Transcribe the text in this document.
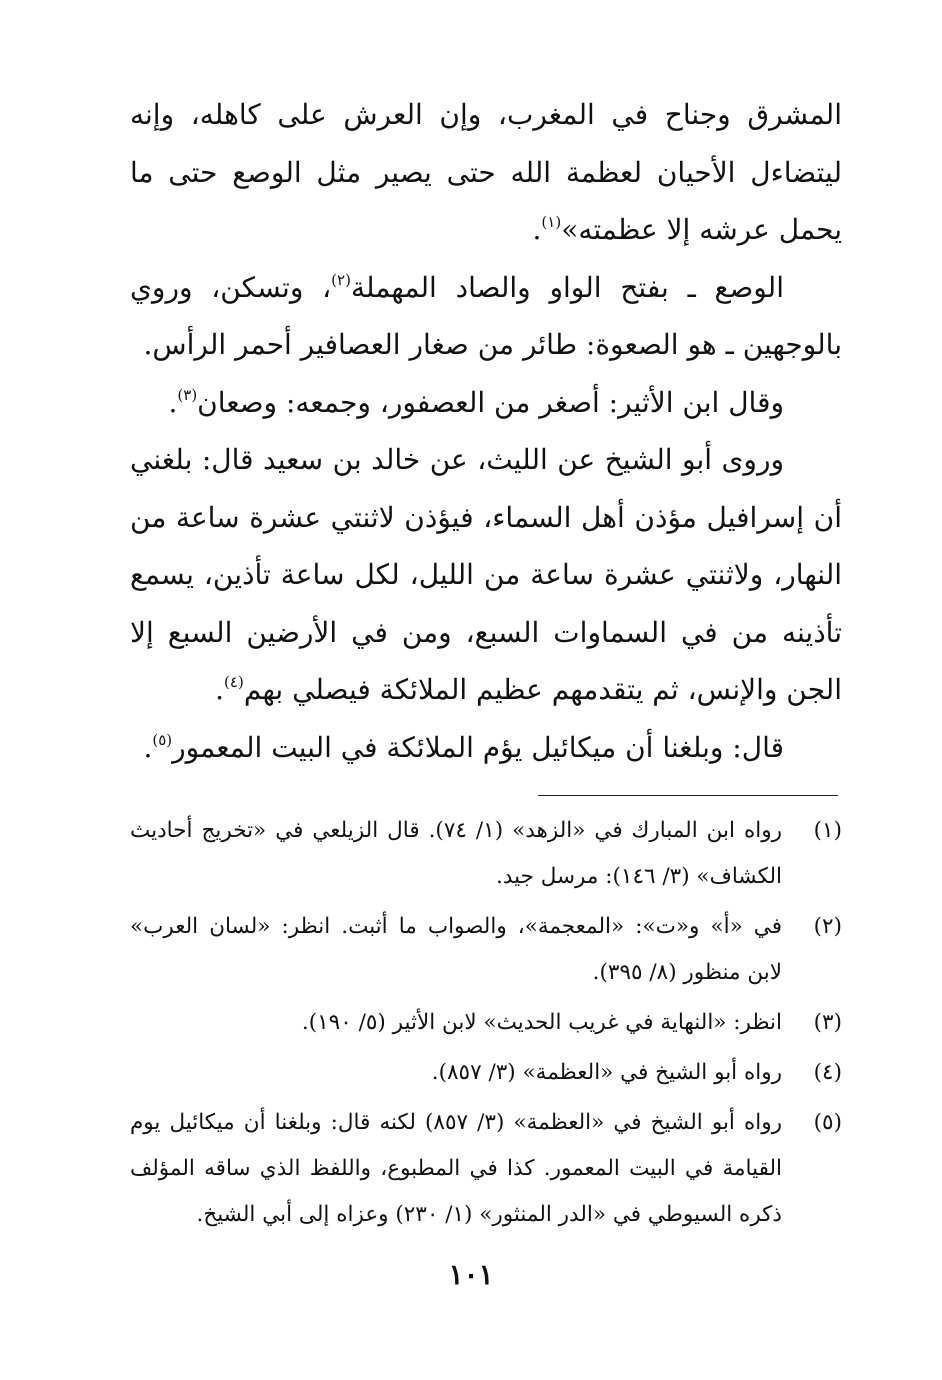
المشرق وجناح في المغرب، وإن العرش على كاهله، وإنه ليتضاءل الأحيان لعظمة الله حتى يصير مثل الوصع حتى ما يحمل عرشه إلا عظمته»$^{(١)}$.

الوصع ـ بفتح الواو والصاد المهملة$^{(٢)}$، وتسكن، وروي بالوجهين ـ هو الصعوة: طائر من صغار العصافير أحمر الرأس.

وقال ابن الأثير: أصغر من العصفور، وجمعه: وصعان$^{(٣)}$.

وروى أبو الشيخ عن الليث، عن خالد بن سعيد قال: بلغني أن إسرافيل مؤذن أهل السماء، فيؤذن لاثنتي عشرة ساعة من النهار، ولاثنتي عشرة ساعة من الليل، لكل ساعة تأذين، يسمع تأذينه من في السماوات السبع، ومن في الأرضين السبع إلا الجن والإنس، ثم يتقدمهم عظيم الملائكة فيصلي بهم$^{(٤)}$.

قال: وبلغنا أن ميكائيل يؤم الملائكة في البيت المعمور$^{(٥)}$.

(١)
رواه ابن المبارك في «الزهد» (١/ ٧٤). قال الزيلعي في «تخريج أحاديث الكشاف» (٣/ ١٤٦): مرسل جيد.
(٢)
في «أ» و«ت»: «المعجمة»، والصواب ما أثبت. انظر: «لسان العرب» لابن منظور (٨/ ٣٩٥).
(٣)
انظر: «النهاية في غريب الحديث» لابن الأثير (٥/ ١٩٠).
(٤)
رواه أبو الشيخ في «العظمة» (٣/ ٨٥٧).
(٥)
رواه أبو الشيخ في «العظمة» (٣/ ٨٥٧) لكنه قال: وبلغنا أن ميكائيل يوم القيامة في البيت المعمور. كذا في المطبوع، واللفظ الذي ساقه المؤلف ذكره السيوطي في «الدر المنثور» (١/ ٢٣٠) وعزاه إلى أبي الشيخ.
١٠١
